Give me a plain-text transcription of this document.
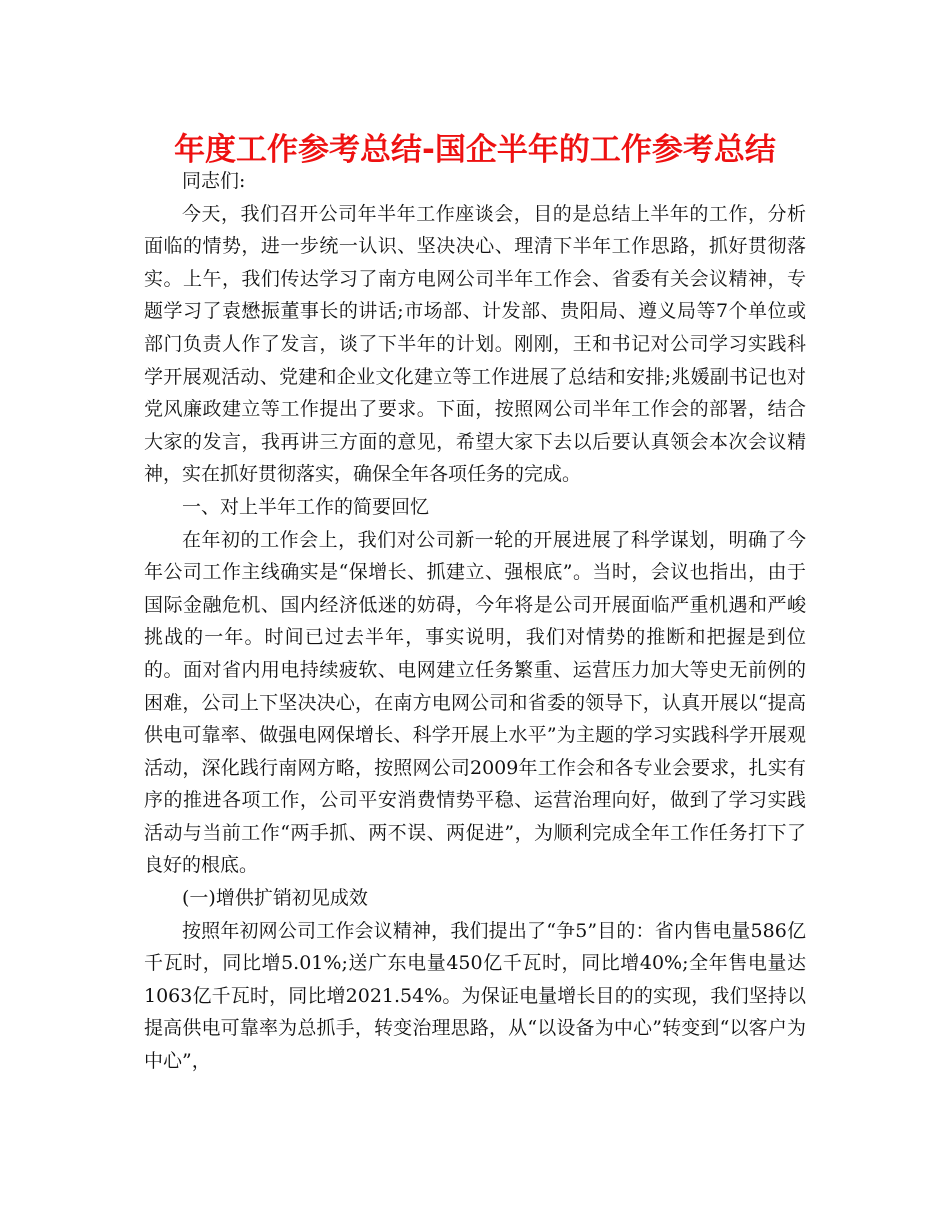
年度工作参考总结-国企半年的工作参考总结

同志们:

今天，我们召开公司年半年工作座谈会，目的是总结上半年的工作，分析面临的情势，进一步统一认识、坚决决心、理清下半年工作思路，抓好贯彻落实。上午，我们传达学习了南方电网公司半年工作会、省委有关会议精神，专题学习了袁懋振董事长的讲话;市场部、计发部、贵阳局、遵义局等7个单位或部门负责人作了发言，谈了下半年的计划。刚刚，王和书记对公司学习实践科学开展观活动、党建和企业文化建立等工作进展了总结和安排;兆媛副书记也对党风廉政建立等工作提出了要求。下面，按照网公司半年工作会的部署，结合大家的发言，我再讲三方面的意见，希望大家下去以后要认真领会本次会议精神，实在抓好贯彻落实，确保全年各项任务的完成。

一、对上半年工作的简要回忆

在年初的工作会上，我们对公司新一轮的开展进展了科学谋划，明确了今年公司工作主线确实是“保增长、抓建立、强根底”。当时，会议也指出，由于国际金融危机、国内经济低迷的妨碍，今年将是公司开展面临严重机遇和严峻挑战的一年。时间已过去半年，事实说明，我们对情势的推断和把握是到位的。面对省内用电持续疲软、电网建立任务繁重、运营压力加大等史无前例的困难，公司上下坚决决心，在南方电网公司和省委的领导下，认真开展以“提高供电可靠率、做强电网保增长、科学开展上水平”为主题的学习实践科学开展观活动，深化践行南网方略，按照网公司2009年工作会和各专业会要求，扎实有序的推进各项工作，公司平安消费情势平稳、运营治理向好，做到了学习实践活动与当前工作“两手抓、两不误、两促进”，为顺利完成全年工作任务打下了良好的根底。

(一)增供扩销初见成效

按照年初网公司工作会议精神，我们提出了“争5”目的：省内售电量586亿千瓦时，同比增5.01%;送广东电量450亿千瓦时，同比增40%;全年售电量达1063亿千瓦时，同比增2021.54%。为保证电量增长目的的实现，我们坚持以提高供电可靠率为总抓手，转变治理思路，从“以设备为中心”转变到“以客户为中心”，
